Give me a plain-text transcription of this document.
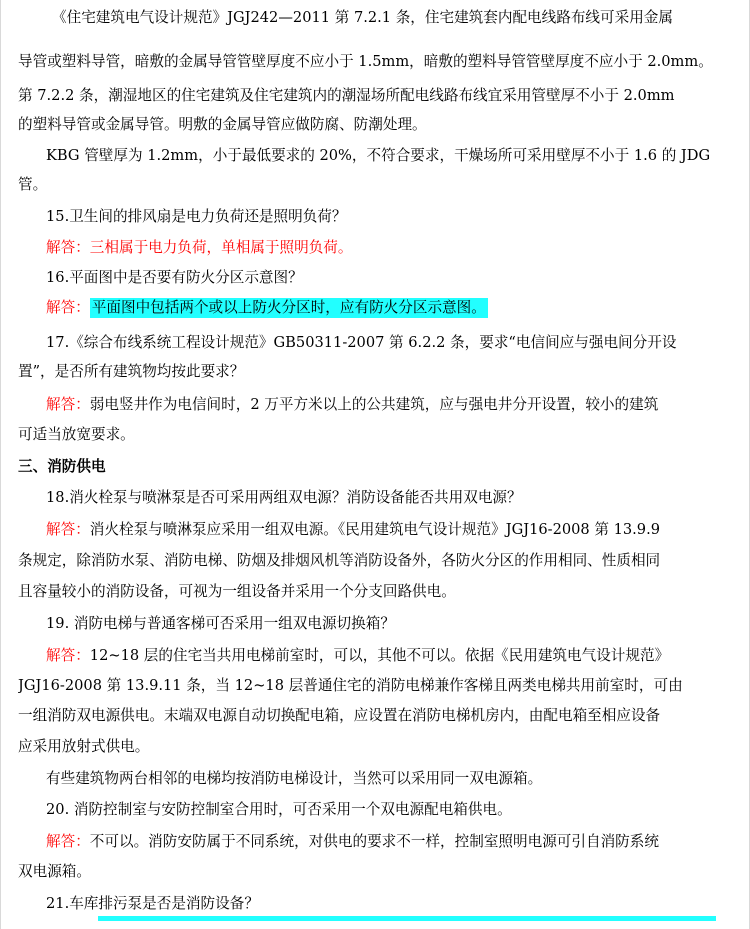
《住宅建筑电气设计规范》JGJ242—2011 第 7.2.1 条，住宅建筑套内配电线路布线可采用金属
导管或塑料导管，暗敷的金属导管管壁厚度不应小于 1.5mm，暗敷的塑料导管管壁厚度不应小于 2.0mm。
第 7.2.2 条，潮湿地区的住宅建筑及住宅建筑内的潮湿场所配电线路布线宜采用管壁厚不小于 2.0mm
的塑料导管或金属导管。明敷的金属导管应做防腐、防潮处理。
KBG 管壁厚为 1.2mm，小于最低要求的 20%，不符合要求，干燥场所可采用壁厚不小于 1.6 的 JDG
管。
15.卫生间的排风扇是电力负荷还是照明负荷？
解答：三相属于电力负荷，单相属于照明负荷。
16.平面图中是否要有防火分区示意图？
解答： 平面图中包括两个或以上防火分区时，应有防火分区示意图。
17.《综合布线系统工程设计规范》GB50311-2007 第 6.2.2 条，要求“电信间应与强电间分开设
置”，是否所有建筑物均按此要求？
解答：弱电竖井作为电信间时，2 万平方米以上的公共建筑，应与强电井分开设置，较小的建筑
可适当放宽要求。
三、消防供电
18.消火栓泵与喷淋泵是否可采用两组双电源？消防设备能否共用双电源？
解答：消火栓泵与喷淋泵应采用一组双电源。《民用建筑电气设计规范》JGJ16-2008 第 13.9.9
条规定，除消防水泵、消防电梯、防烟及排烟风机等消防设备外，各防火分区的作用相同、性质相同
且容量较小的消防设备，可视为一组设备并采用一个分支回路供电。
19. 消防电梯与普通客梯可否采用一组双电源切换箱？
解答：12~18 层的住宅当共用电梯前室时，可以，其他不可以。依据《民用建筑电气设计规范》
JGJ16-2008 第 13.9.11 条，当 12~18 层普通住宅的消防电梯兼作客梯且两类电梯共用前室时，可由
一组消防双电源供电。末端双电源自动切换配电箱，应设置在消防电梯机房内，由配电箱至相应设备
应采用放射式供电。
有些建筑物两台相邻的电梯均按消防电梯设计，当然可以采用同一双电源箱。
20. 消防控制室与安防控制室合用时，可否采用一个双电源配电箱供电。
解答：不可以。消防安防属于不同系统，对供电的要求不一样，控制室照明电源可引自消防系统
双电源箱。
21.车库排污泵是否是消防设备？
